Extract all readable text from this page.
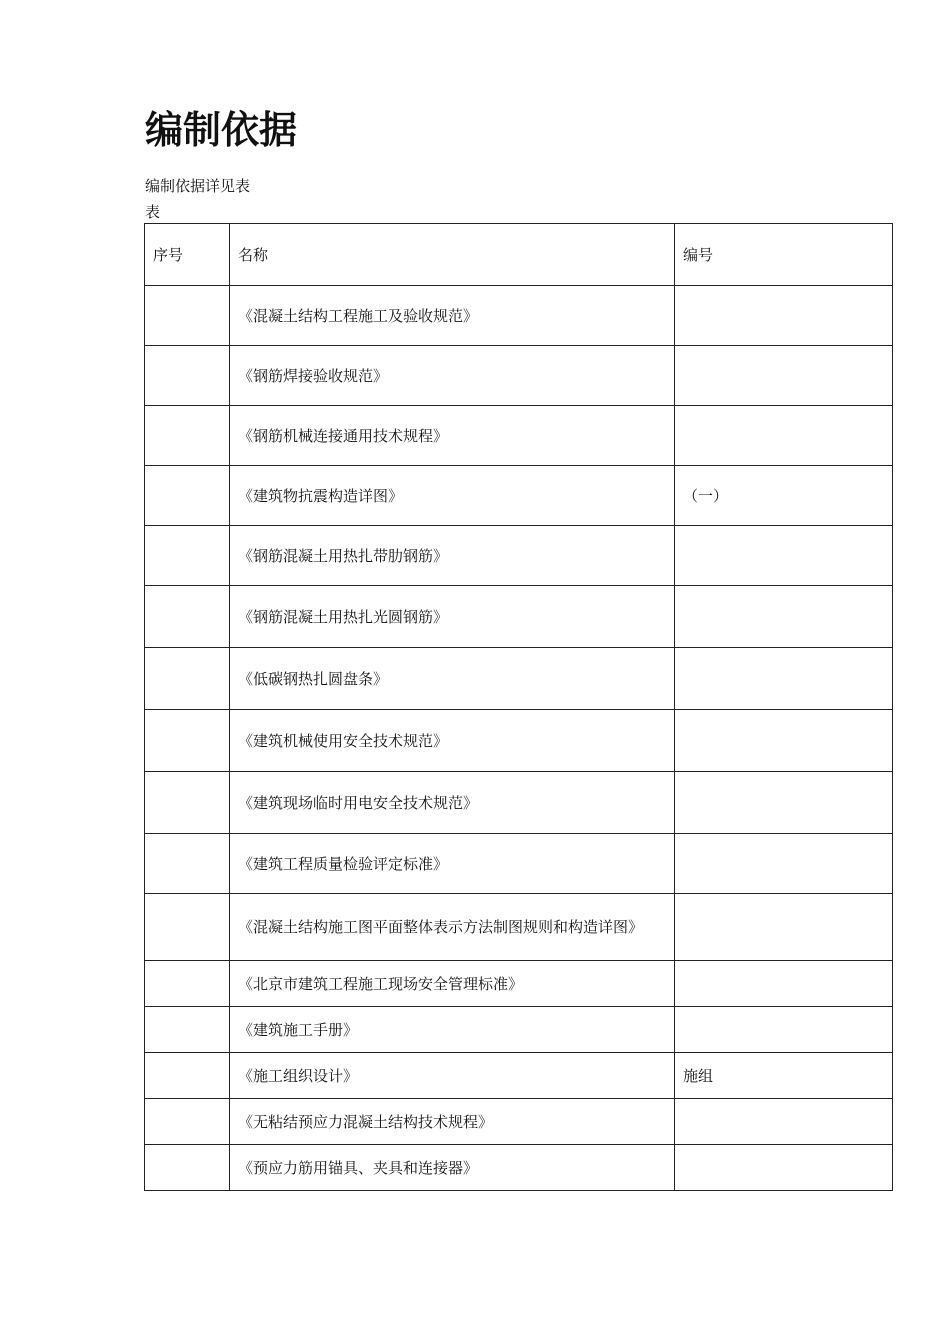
编制依据
编制依据详见表
表
序号	名称	编号
	《混凝土结构工程施工及验收规范》	
	《钢筋焊接验收规范》	
	《钢筋机械连接通用技术规程》	
	《建筑物抗震构造详图》	（一）
	《钢筋混凝土用热扎带肋钢筋》	
	《钢筋混凝土用热扎光圆钢筋》	
	《低碳钢热扎圆盘条》	
	《建筑机械使用安全技术规范》	
	《建筑现场临时用电安全技术规范》	
	《建筑工程质量检验评定标准》	
	《混凝土结构施工图平面整体表示方法制图规则和构造详图》	
	《北京市建筑工程施工现场安全管理标准》	
	《建筑施工手册》	
	《施工组织设计》	施组
	《无粘结预应力混凝土结构技术规程》	
	《预应力筋用锚具、夹具和连接器》	
